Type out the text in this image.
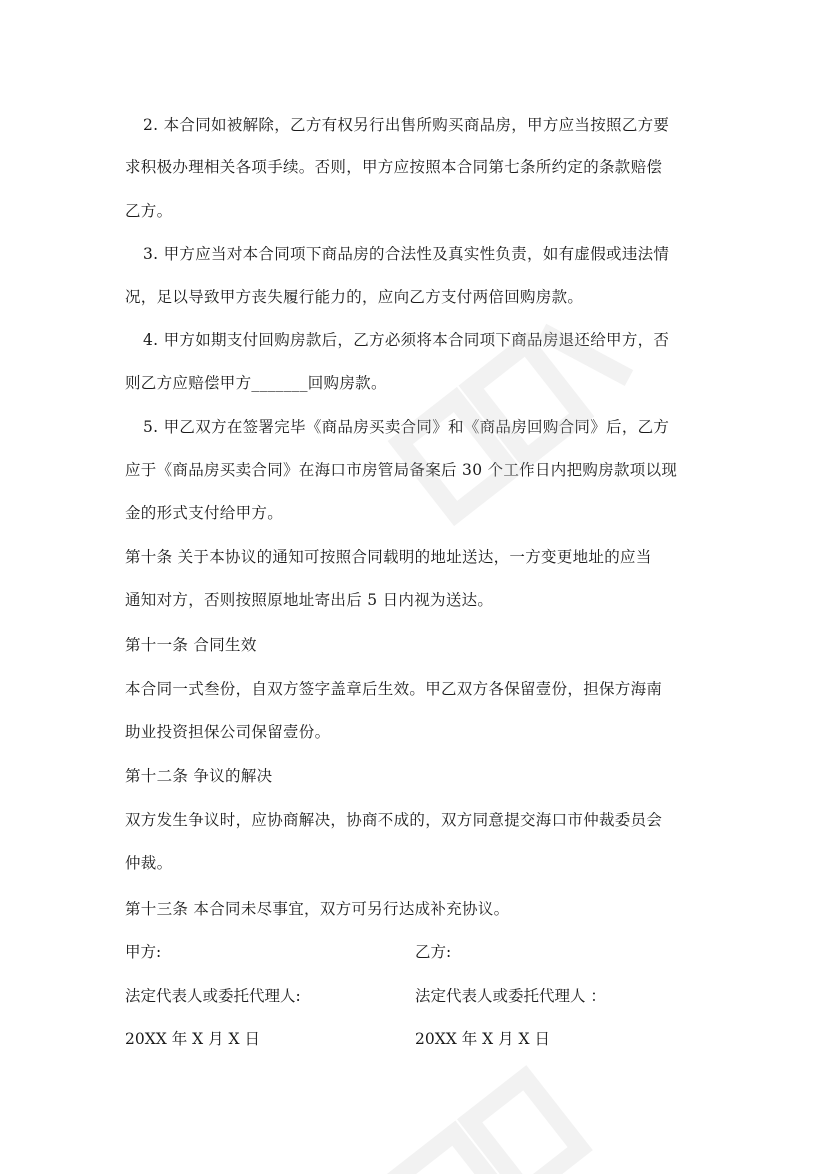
2. 本合同如被解除，乙方有权另行出售所购买商品房，甲方应当按照乙方要
求积极办理相关各项手续。否则，甲方应按照本合同第七条所约定的条款赔偿
乙方。
3. 甲方应当对本合同项下商品房的合法性及真实性负责，如有虚假或违法情
况，足以导致甲方丧失履行能力的，应向乙方支付两倍回购房款。
4. 甲方如期支付回购房款后，乙方必须将本合同项下商品房退还给甲方，否
则乙方应赔偿甲方_______回购房款。
5. 甲乙双方在签署完毕《商品房买卖合同》和《商品房回购合同》后，乙方
应于《商品房买卖合同》在海口市房管局备案后 30 个工作日内把购房款项以现
金的形式支付给甲方。
第十条 关于本协议的通知可按照合同载明的地址送达，一方变更地址的应当
通知对方，否则按照原地址寄出后 5 日内视为送达。
第十一条 合同生效
本合同一式叁份，自双方签字盖章后生效。甲乙双方各保留壹份，担保方海南
助业投资担保公司保留壹份。
第十二条 争议的解决
双方发生争议时，应协商解决，协商不成的，双方同意提交海口市仲裁委员会
仲裁。
第十三条 本合同未尽事宜，双方可另行达成补充协议。
甲方:	乙方:
法定代表人或委托代理人:	法定代表人或委托代理人 ：
20XX 年 X 月 X 日	20XX 年 X 月 X 日
